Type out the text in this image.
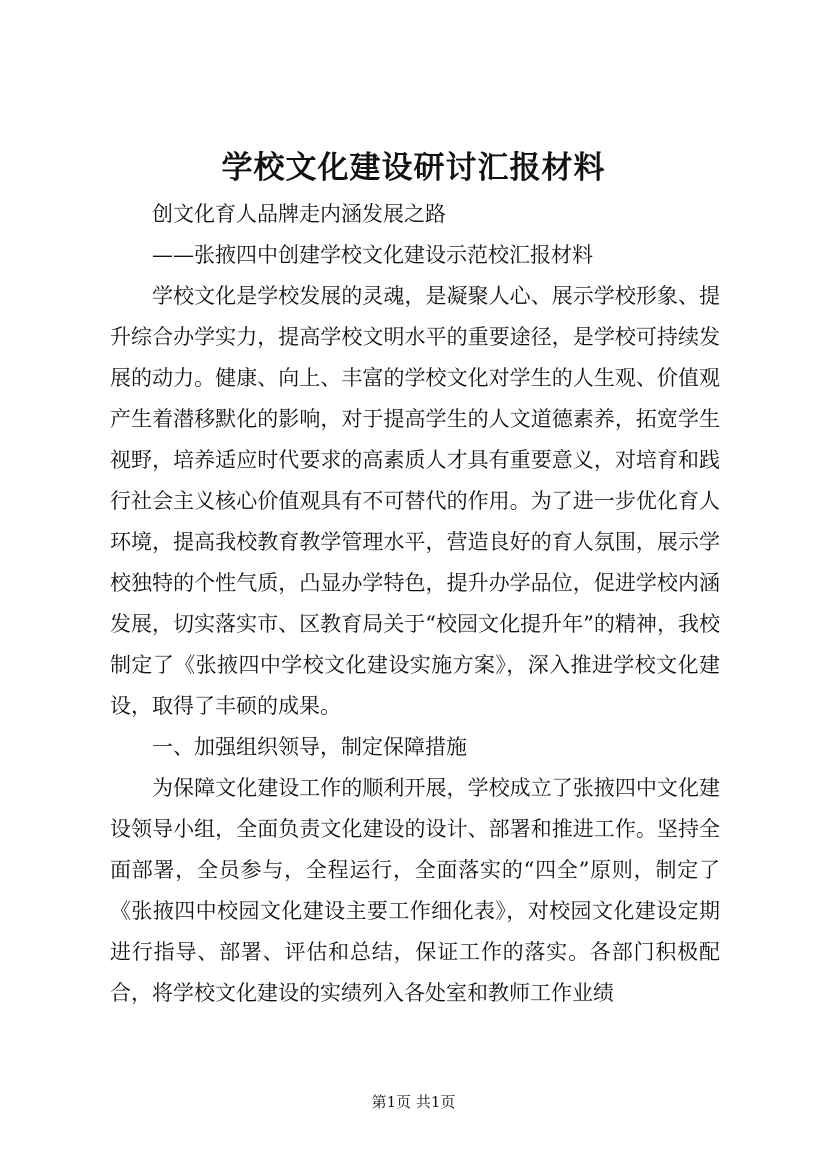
学校文化建设研讨汇报材料

创文化育人品牌走内涵发展之路

——张掖四中创建学校文化建设示范校汇报材料

学校文化是学校发展的灵魂，是凝聚人心、展示学校形象、提升综合办学实力，提高学校文明水平的重要途径，是学校可持续发展的动力。健康、向上、丰富的学校文化对学生的人生观、价值观产生着潜移默化的影响，对于提高学生的人文道德素养，拓宽学生视野，培养适应时代要求的高素质人才具有重要意义，对培育和践行社会主义核心价值观具有不可替代的作用。为了进一步优化育人环境，提高我校教育教学管理水平，营造良好的育人氛围，展示学校独特的个性气质，凸显办学特色，提升办学品位，促进学校内涵发展，切实落实市、区教育局关于“校园文化提升年”的精神，我校制定了《张掖四中学校文化建设实施方案》，深入推进学校文化建设，取得了丰硕的成果。

一、加强组织领导，制定保障措施

为保障文化建设工作的顺利开展，学校成立了张掖四中文化建设领导小组，全面负责文化建设的设计、部署和推进工作。坚持全面部署，全员参与，全程运行，全面落实的“四全”原则，制定了《张掖四中校园文化建设主要工作细化表》，对校园文化建设定期进行指导、部署、评估和总结，保证工作的落实。各部门积极配合，将学校文化建设的实绩列入各处室和教师工作业绩

第1页 共1页
